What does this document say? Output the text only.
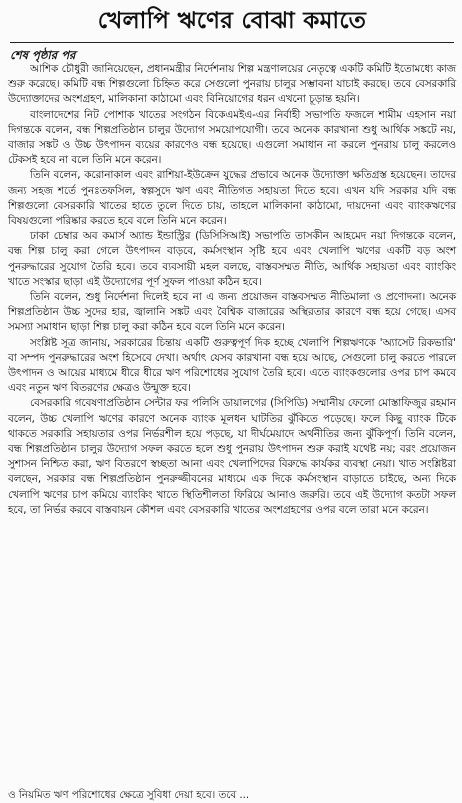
খেলাপি ঋণের বোঝা কমাতে
শেষ পৃষ্ঠার পর

আশিক চৌধুরী জানিয়েছেন, প্রধানমন্ত্রীর নির্দেশনায় শিল্প মন্ত্রণালয়ের নেতৃত্বে একটি কমিটি ইতোমধ্যে কাজ শুরু করেছে। কমিটি বন্ধ শিল্পগুলো চিহ্নিত করে সেগুলো পুনরায় চালুর সম্ভাবনা যাচাই করছে। তবে বেসরকারি উদ্যোক্তাদের অংশগ্রহণ, মালিকানা কাঠামো এবং বিনিয়োগের ধরন এখনো চূড়ান্ত হয়নি।

বাংলাদেশের নিট পোশাক খাতের সংগঠন বিকেএমইএ-এর নির্বাহী সভাপতি ফজলে শামীম এহসান নয়া দিগন্তকে বলেন, বন্ধ শিল্পপ্রতিষ্ঠান চালুর উদ্যোগ সময়োপযোগী। তবে অনেক কারখানা শুধু আর্থিক সঙ্কটে নয়, বাজার সঙ্কট ও উচ্চ উৎপাদন ব্যয়ের কারণেও বন্ধ হয়েছে। এগুলো সমাধান না করলে পুনরায় চালু করলেও টেকসই হবে না বলে তিনি মনে করেন।

তিনি বলেন, করোনাকাল এবং রাশিয়া-ইউক্রেন যুদ্ধের প্রভাবে অনেক উদ্যোক্তা ক্ষতিগ্রস্ত হয়েছেন। তাদের জন্য সহজ শর্তে পুনঃতফসিল, স্বল্পসুদে ঋণ এবং নীতিগত সহায়তা দিতে হবে। এখন যদি সরকার যদি বন্ধ শিল্পগুলো বেসরকারি খাতের হাতে তুলে দিতে চায়, তাহলে মালিকানা কাঠামো, দায়দেনা এবং ব্যাংকঋণের বিষয়গুলো পরিষ্কার করতে হবে বলে তিনি মনে করেন।

ঢাকা চেম্বার অব কমার্স অ্যান্ড ইন্ডাস্ট্রির (ডিসিসিআই) সভাপতি তাসকীন আহমেদ নয়া দিগন্তকে বলেন, বন্ধ শিল্প চালু করা গেলে উৎপাদন বাড়বে, কর্মসংস্থান সৃষ্টি হবে এবং খেলাপি ঋণের একটি বড় অংশ পুনরুদ্ধারের সুযোগ তৈরি হবে। তবে ব্যবসায়ী মহল বলছে, বাস্তবসম্মত নীতি, আর্থিক সহায়তা এবং ব্যাংকিং খাতে সংস্কার ছাড়া এই উদ্যোগের পূর্ণ সুফল পাওয়া কঠিন হবে।

তিনি বলেন, শুধু নির্দেশনা দিলেই হবে না এ জন্য প্রয়োজন বাস্তবসম্মত নীতিমালা ও প্রণোদনা। অনেক শিল্পপ্রতিষ্ঠান উচ্চ সুদের হার, জ্বালানি সঙ্কট এবং বৈশ্বিক বাজারের অস্থিরতার কারণে বন্ধ হয়ে গেছে। এসব সমস্যা সমাধান ছাড়া শিল্প চালু করা কঠিন হবে বলে তিনি মনে করেন।

সংশ্লিষ্ট সূত্র জানায়, সরকারের চিন্তায় একটি গুরুত্বপূর্ণ দিক হচ্ছে খেলাপি শিল্পঋণকে 'অ্যাসেট রিকভারি' বা সম্পদ পুনরুদ্ধারের অংশ হিসেবে দেখা। অর্থাৎ যেসব কারখানা বন্ধ হয়ে আছে, সেগুলো চালু করতে পারলে উৎপাদন ও আয়ের মাধ্যমে ধীরে ধীরে ঋণ পরিশোধের সুযোগ তৈরি হবে। এতে ব্যাংকগুলোর ওপর চাপ কমবে এবং নতুন ঋণ বিতরণের ক্ষেত্রও উন্মুক্ত হবে।

বেসরকারি গবেষণাপ্রতিষ্ঠান সেন্টার ফর পলিসি ডায়ালগের (সিপিডি) সম্মানীয় ফেলো মোস্তাফিজুর রহমান বলেন, উচ্চ খেলাপি ঋণের কারণে অনেক ব্যাংক মূলধন ঘাটতির ঝুঁকিতে পড়েছে। ফলে কিছু ব্যাংক টিকে থাকতে সরকারি সহায়তার ওপর নির্ভরশীল হয়ে পড়ছে, যা দীর্ঘমেয়াদে অর্থনীতির জন্য ঝুঁকিপূর্ণ। তিনি বলেন, বন্ধ শিল্পপ্রতিষ্ঠান চালুর উদ্যোগ সফল করতে হলে শুধু পুনরায় উৎপাদন শুরু করাই যথেষ্ট নয়; বরং প্রয়োজন সুশাসন নিশ্চিত করা, ঋণ বিতরণে স্বচ্ছতা আনা এবং খেলাপিদের বিরুদ্ধে কার্যকর ব্যবস্থা নেয়া। খাত সংশ্লিষ্টরা বলছেন, সরকার বন্ধ শিল্পপ্রতিষ্ঠান পুনরুজ্জীবনের মাধ্যমে এক দিকে কর্মসংস্থান বাড়াতে চাইছে, অন্য দিকে খেলাপি ঋণের চাপ কমিয়ে ব্যাংকিং খাতে স্থিতিশীলতা ফিরিয়ে আনাও জরুরি। তবে এই উদ্যোগ কতটা সফল হবে, তা নির্ভর করবে বাস্তবায়ন কৌশল এবং বেসরকারি খাতের অংশগ্রহণের ওপর বলে তারা মনে করেন।

ও নিয়মিত ঋণ পরিশোধের ক্ষেত্রে সুবিধা দেয়া হবে। তবে ...
